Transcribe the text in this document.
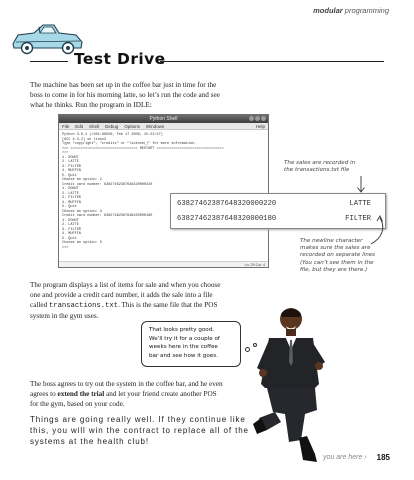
modular programming
Test Drive
The machine has been set up in the coffee bar just in time for the
boss to come in for his morning latte, so let’s run the code and see
what he thinks. Run the program in IDLE:
Python Shell
File Edit Shell Debug Options Windows	Help
Python 3.0.1 (r301:69556, Feb 17 2009, 15:23:57)
[GCC 4.3.2] on linux2
Type "copyright", "credits" or "license()" for more information.
>>> ================================ RESTART ================================
>>>
1. DONUT
2. LATTE
3. FILTER
4. MUFFIN
5. Quit
Choose an option: 2
Credit card number: 63827462387648320000220
1. DONUT
2. LATTE
3. FILTER
4. MUFFIN
5. Quit
Choose an option: 3
Credit card number: 63827462387648320000180
1. DONUT
2. LATTE
3. FILTER
4. MUFFIN
5. Quit
Choose an option: 5
>>>
Ln: 29 Col: 4
63827462387648320000220	LATTE
63827462387648320000180	FILTER
The sales are recorded in
the transactions.txt file
The newline character
makes sure the sales are
recorded on separate lines
(You can’t see them in the
file, but they are there.)
The program displays a list of items for sale and when you choose
one and provide a credit card number, it adds the sale into a file
called transactions.txt. This is the same file that the POS
system in the gym uses.
That looks pretty good.
We’ll try it for a couple of
weeks here in the coffee
bar and see how it goes.
The boss agrees to try out the system in the coffee bar, and he even
agrees to extend the trial and let your friend create another POS
for the gym, based on your code.
Things are going really well. If they continue like
this, you will win the contract to replace all of the
systems at the health club!
you are here › 185
